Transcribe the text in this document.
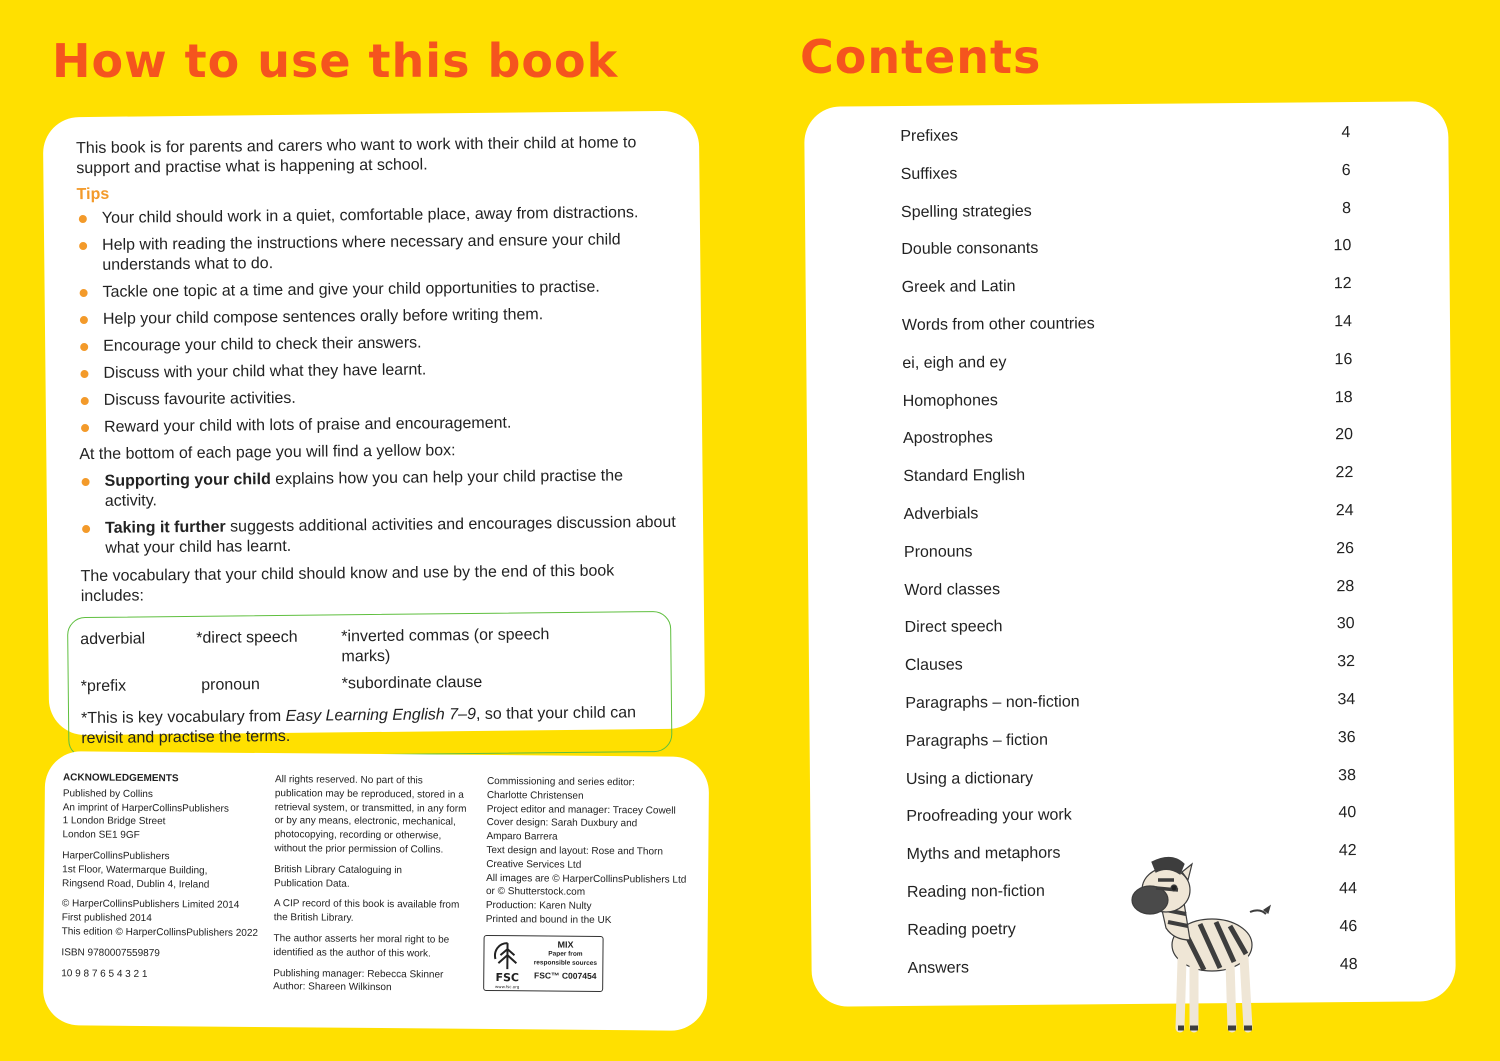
How to use this book	Contents

This book is for parents and carers who want to work with their child at home to support and practise what is happening at school.

Tips

Your child should work in a quiet, comfortable place, away from distractions.
Help with reading the instructions where necessary and ensure your child understands what to do.
Tackle one topic at a time and give your child opportunities to practise.
Help your child compose sentences orally before writing them.
Encourage your child to check their answers.
Discuss with your child what they have learnt.
Discuss favourite activities.
Reward your child with lots of praise and encouragement.

At the bottom of each page you will find a yellow box:

Supporting your child explains how you can help your child practise the activity.
Taking it further suggests additional activities and encourages discussion about what your child has learnt.

The vocabulary that your child should know and use by the end of this book includes:

adverbial	*direct speech	*inverted commas (or speech marks)
*prefix	pronoun	*subordinate clause

*This is key vocabulary from Easy Learning English 7–9, so that your child can revisit and practise the terms.

ACKNOWLEDGEMENTS

Published by Collins
An imprint of HarperCollinsPublishers
1 London Bridge Street
London SE1 9GF

HarperCollinsPublishers
1st Floor, Watermarque Building,
Ringsend Road, Dublin 4, Ireland

© HarperCollinsPublishers Limited 2014
First published 2014
This edition © HarperCollinsPublishers 2022

ISBN 9780007559879

10 9 8 7 6 5 4 3 2 1

All rights reserved. No part of this
publication may be reproduced, stored in a
retrieval system, or transmitted, in any form
or by any means, electronic, mechanical,
photocopying, recording or otherwise,
without the prior permission of Collins.

British Library Cataloguing in
Publication Data.

A CIP record of this book is available from
the British Library.

The author asserts her moral right to be
identified as the author of this work.

Publishing manager: Rebecca Skinner
Author: Shareen Wilkinson

Commissioning and series editor:
Charlotte Christensen
Project editor and manager: Tracey Cowell
Cover design: Sarah Duxbury and
Amparo Barrera
Text design and layout: Rose and Thorn
Creative Services Ltd
All images are © HarperCollinsPublishers Ltd
or © Shutterstock.com
Production: Karen Nulty
Printed and bound in the UK

FSC
www.fsc.org
MIX
Paper from
responsible sources
FSC™ C007454
Prefixes	4
Suffixes	6
Spelling strategies	8
Double consonants	10
Greek and Latin	12
Words from other countries	14
ei, eigh and ey	16
Homophones	18
Apostrophes	20
Standard English	22
Adverbials	24
Pronouns	26
Word classes	28
Direct speech	30
Clauses	32
Paragraphs – non-fiction	34
Paragraphs – fiction	36
Using a dictionary	38
Proofreading your work	40
Myths and metaphors	42
Reading non-fiction	44
Reading poetry	46
Answers	48
